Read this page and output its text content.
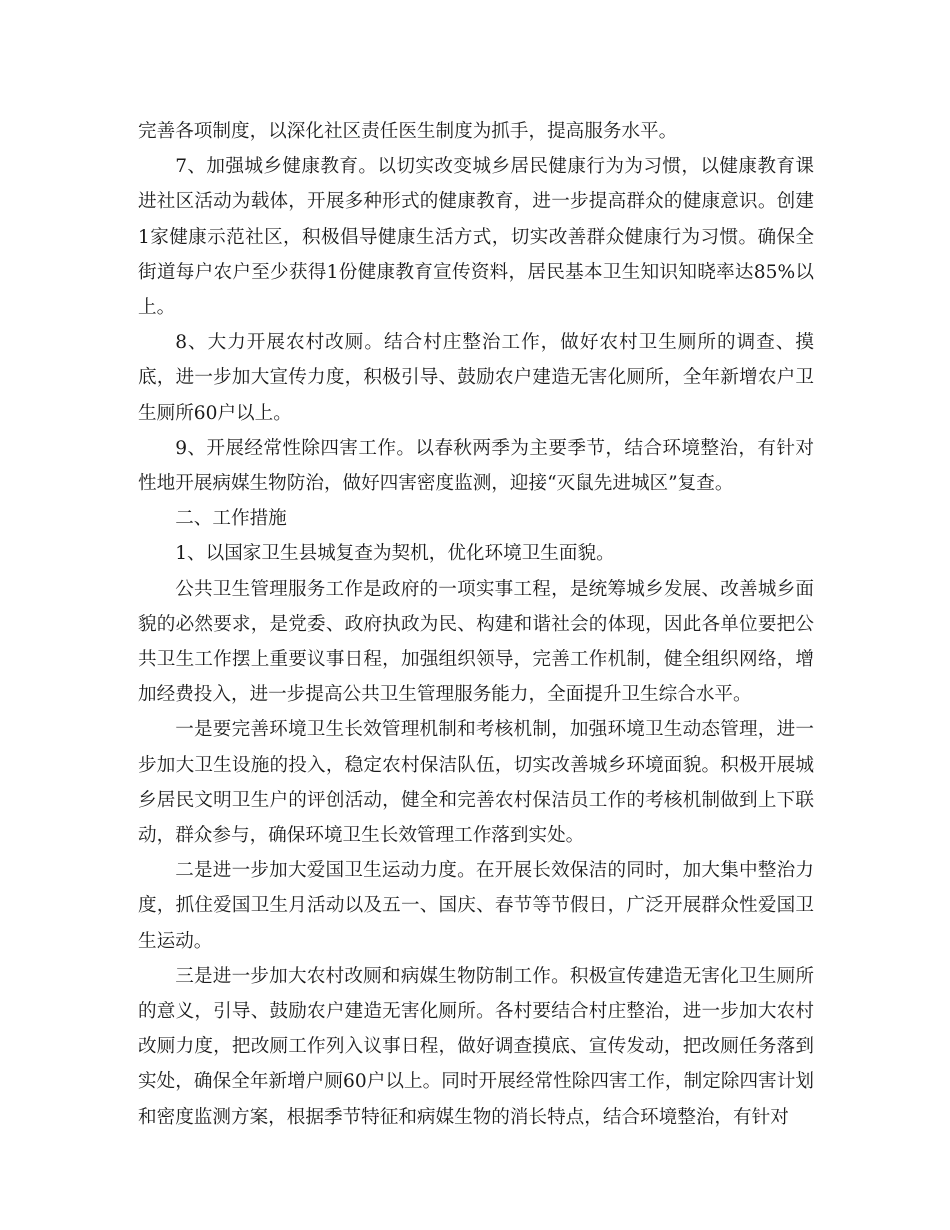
完善各项制度，以深化社区责任医生制度为抓手，提高服务水平。

7、加强城乡健康教育。以切实改变城乡居民健康行为为习惯，以健康教育课进社区活动为载体，开展多种形式的健康教育，进一步提高群众的健康意识。创建1家健康示范社区，积极倡导健康生活方式，切实改善群众健康行为习惯。确保全街道每户农户至少获得1份健康教育宣传资料，居民基本卫生知识知晓率达85%以上。

8、大力开展农村改厕。结合村庄整治工作，做好农村卫生厕所的调查、摸底，进一步加大宣传力度，积极引导、鼓励农户建造无害化厕所，全年新增农户卫生厕所60户以上。

9、开展经常性除四害工作。以春秋两季为主要季节，结合环境整治，有针对性地开展病媒生物防治，做好四害密度监测，迎接“灭鼠先进城区”复查。

二、工作措施

1、以国家卫生县城复查为契机，优化环境卫生面貌。

公共卫生管理服务工作是政府的一项实事工程，是统筹城乡发展、改善城乡面貌的必然要求，是党委、政府执政为民、构建和谐社会的体现，因此各单位要把公共卫生工作摆上重要议事日程，加强组织领导，完善工作机制，健全组织网络，增加经费投入，进一步提高公共卫生管理服务能力，全面提升卫生综合水平。

一是要完善环境卫生长效管理机制和考核机制，加强环境卫生动态管理，进一步加大卫生设施的投入，稳定农村保洁队伍，切实改善城乡环境面貌。积极开展城乡居民文明卫生户的评创活动，健全和完善农村保洁员工作的考核机制做到上下联动，群众参与，确保环境卫生长效管理工作落到实处。

二是进一步加大爱国卫生运动力度。在开展长效保洁的同时，加大集中整治力度，抓住爱国卫生月活动以及五一、国庆、春节等节假日，广泛开展群众性爱国卫生运动。

三是进一步加大农村改厕和病媒生物防制工作。积极宣传建造无害化卫生厕所的意义，引导、鼓励农户建造无害化厕所。各村要结合村庄整治，进一步加大农村改厕力度，把改厕工作列入议事日程，做好调查摸底、宣传发动，把改厕任务落到实处，确保全年新增户厕60户以上。同时开展经常性除四害工作，制定除四害计划和密度监测方案，根据季节特征和病媒生物的消长特点，结合环境整治，有针对
